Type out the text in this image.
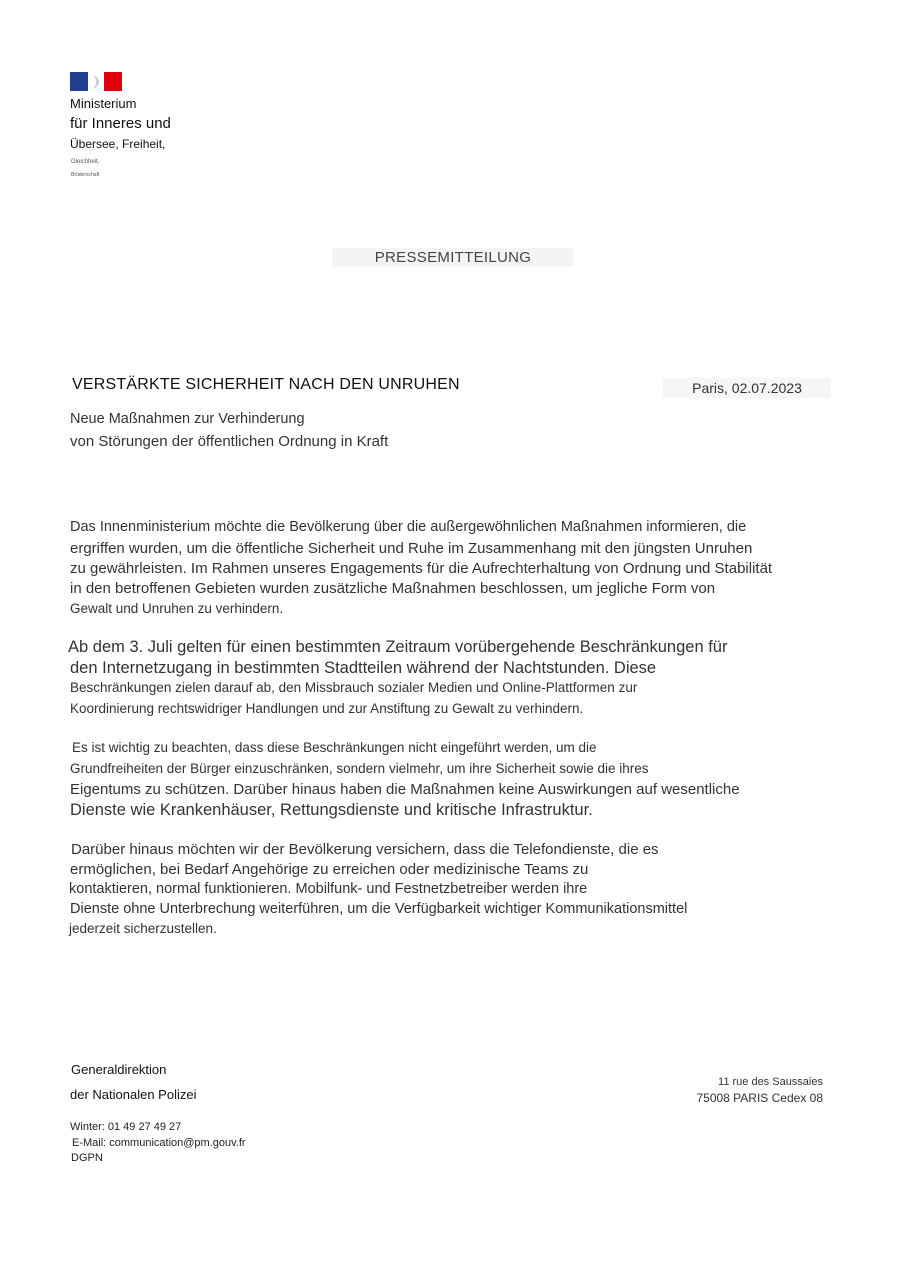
Ministerium
für Inneres und
Übersee, Freiheit,
Gleichheit,
Brüderschaft
PRESSEMITTEILUNG
VERSTÄRKTE SICHERHEIT NACH DEN UNRUHEN	Paris, 02.07.2023
Neue Maßnahmen zur Verhinderung
von Störungen der öffentlichen Ordnung in Kraft
Das Innenministerium möchte die Bevölkerung über die außergewöhnlichen Maßnahmen informieren, die
ergriffen wurden, um die öffentliche Sicherheit und Ruhe im Zusammenhang mit den jüngsten Unruhen
zu gewährleisten. Im Rahmen unseres Engagements für die Aufrechterhaltung von Ordnung und Stabilität
in den betroffenen Gebieten wurden zusätzliche Maßnahmen beschlossen, um jegliche Form von
Gewalt und Unruhen zu verhindern.
Ab dem 3. Juli gelten für einen bestimmten Zeitraum vorübergehende Beschränkungen für
den Internetzugang in bestimmten Stadtteilen während der Nachtstunden. Diese
Beschränkungen zielen darauf ab, den Missbrauch sozialer Medien und Online-Plattformen zur
Koordinierung rechtswidriger Handlungen und zur Anstiftung zu Gewalt zu verhindern.
Es ist wichtig zu beachten, dass diese Beschränkungen nicht eingeführt werden, um die
Grundfreiheiten der Bürger einzuschränken, sondern vielmehr, um ihre Sicherheit sowie die ihres
Eigentums zu schützen. Darüber hinaus haben die Maßnahmen keine Auswirkungen auf wesentliche
Dienste wie Krankenhäuser, Rettungsdienste und kritische Infrastruktur.
Darüber hinaus möchten wir der Bevölkerung versichern, dass die Telefondienste, die es
ermöglichen, bei Bedarf Angehörige zu erreichen oder medizinische Teams zu
kontaktieren, normal funktionieren. Mobilfunk- und Festnetzbetreiber werden ihre
Dienste ohne Unterbrechung weiterführen, um die Verfügbarkeit wichtiger Kommunikationsmittel
jederzeit sicherzustellen.
Generaldirektion
der Nationalen Polizei
Winter: 01 49 27 49 27
E-Mail: communication@pm.gouv.fr
DGPN
11 rue des Saussaies
75008 PARIS Cedex 08
